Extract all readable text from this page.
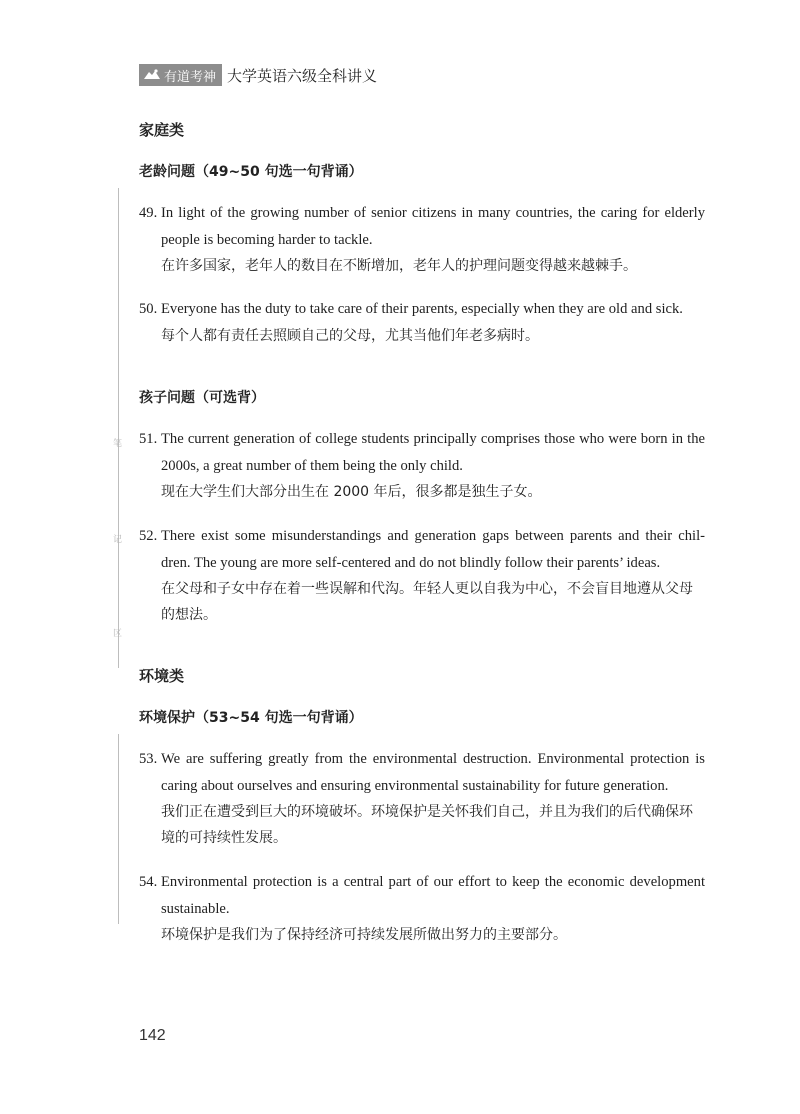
有道考神 大学英语六级全科讲义
家庭类
老龄问题（49~50 句选一句背诵）
49. In light of the growing number of senior citizens in many countries, the caring for elderly people is becoming harder to tackle.
在许多国家，老年人的数目在不断增加，老年人的护理问题变得越来越棘手。
50. Everyone has the duty to take care of their parents, especially when they are old and sick.
每个人都有责任去照顾自己的父母，尤其当他们年老多病时。
孩子问题（可选背）
51. The current generation of college students principally comprises those who were born in the 2000s, a great number of them being the only child.
现在大学生们大部分出生在 2000 年后，很多都是独生子女。
52. There exist some misunderstandings and generation gaps between parents and their chil-dren. The young are more self-centered and do not blindly follow their parents’ ideas.
在父母和子女中存在着一些误解和代沟。年轻人更以自我为中心，不会盲目地遵从父母的想法。
笔
记
区
环境类
环境保护（53~54 句选一句背诵）
53. We are suffering greatly from the environmental destruction. Environmental protection is caring about ourselves and ensuring environmental sustainability for future generation.
我们正在遭受到巨大的环境破坏。环境保护是关怀我们自己，并且为我们的后代确保环境的可持续性发展。
54. Environmental protection is a central part of our effort to keep the economic development sustainable.
环境保护是我们为了保持经济可持续发展所做出努力的主要部分。
142
